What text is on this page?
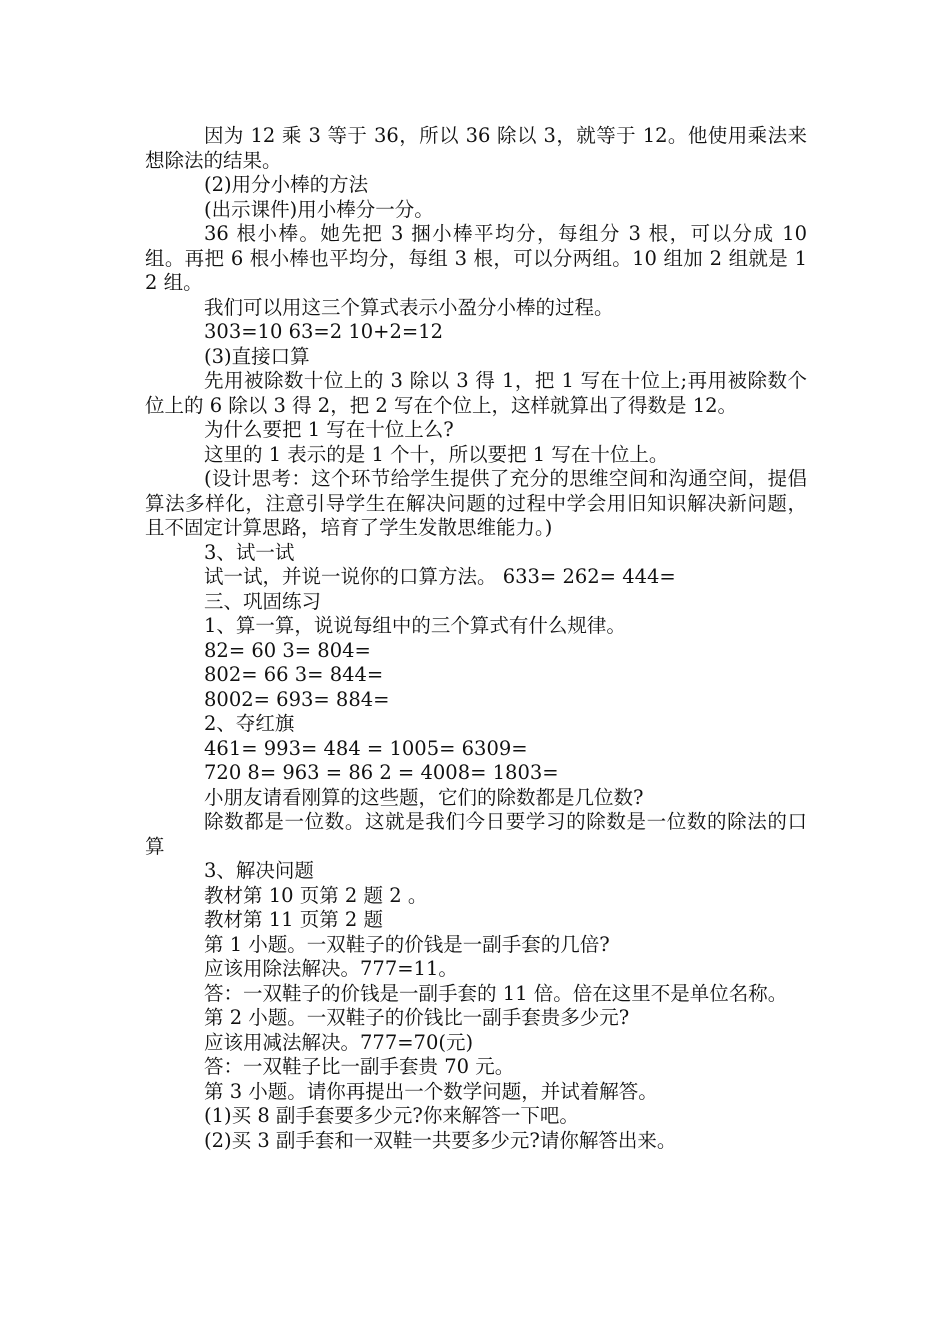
因为 12 乘 3 等于 36，所以 36 除以 3，就等于 12。他使用乘法来想除法的结果。

(2)用分小棒的方法

(出示课件)用小棒分一分。

36 根小棒。她先把 3 捆小棒平均分，每组分 3 根，可以分成 10 组。再把 6 根小棒也平均分，每组 3 根，可以分两组。10 组加 2 组就是 12 组。

我们可以用这三个算式表示小盈分小棒的过程。

303=10 63=2 10+2=12

(3)直接口算

先用被除数十位上的 3 除以 3 得 1，把 1 写在十位上;再用被除数个位上的 6 除以 3 得 2，把 2 写在个位上，这样就算出了得数是 12。

为什么要把 1 写在十位上么?

这里的 1 表示的是 1 个十，所以要把 1 写在十位上。

(设计思考：这个环节给学生提供了充分的思维空间和沟通空间，提倡算法多样化，注意引导学生在解决问题的过程中学会用旧知识解决新问题，且不固定计算思路，培育了学生发散思维能力。)

3、试一试

试一试，并说一说你的口算方法。 633= 262= 444=

三、巩固练习

1、算一算，说说每组中的三个算式有什么规律。

82= 60 3= 804=

802= 66 3= 844=

8002= 693= 884=

2、夺红旗

461= 993= 484 = 1005= 6309=

720 8= 963 = 86 2 = 4008= 1803=

小朋友请看刚算的这些题，它们的除数都是几位数?

除数都是一位数。这就是我们今日要学习的除数是一位数的除法的口算

3、解决问题

教材第 10 页第 2 题 2 。

教材第 11 页第 2 题

第 1 小题。一双鞋子的价钱是一副手套的几倍?

应该用除法解决。777=11。

答：一双鞋子的价钱是一副手套的 11 倍。倍在这里不是单位名称。

第 2 小题。一双鞋子的价钱比一副手套贵多少元?

应该用减法解决。777=70(元)

答：一双鞋子比一副手套贵 70 元。

第 3 小题。请你再提出一个数学问题，并试着解答。

(1)买 8 副手套要多少元?你来解答一下吧。

(2)买 3 副手套和一双鞋一共要多少元?请你解答出来。
